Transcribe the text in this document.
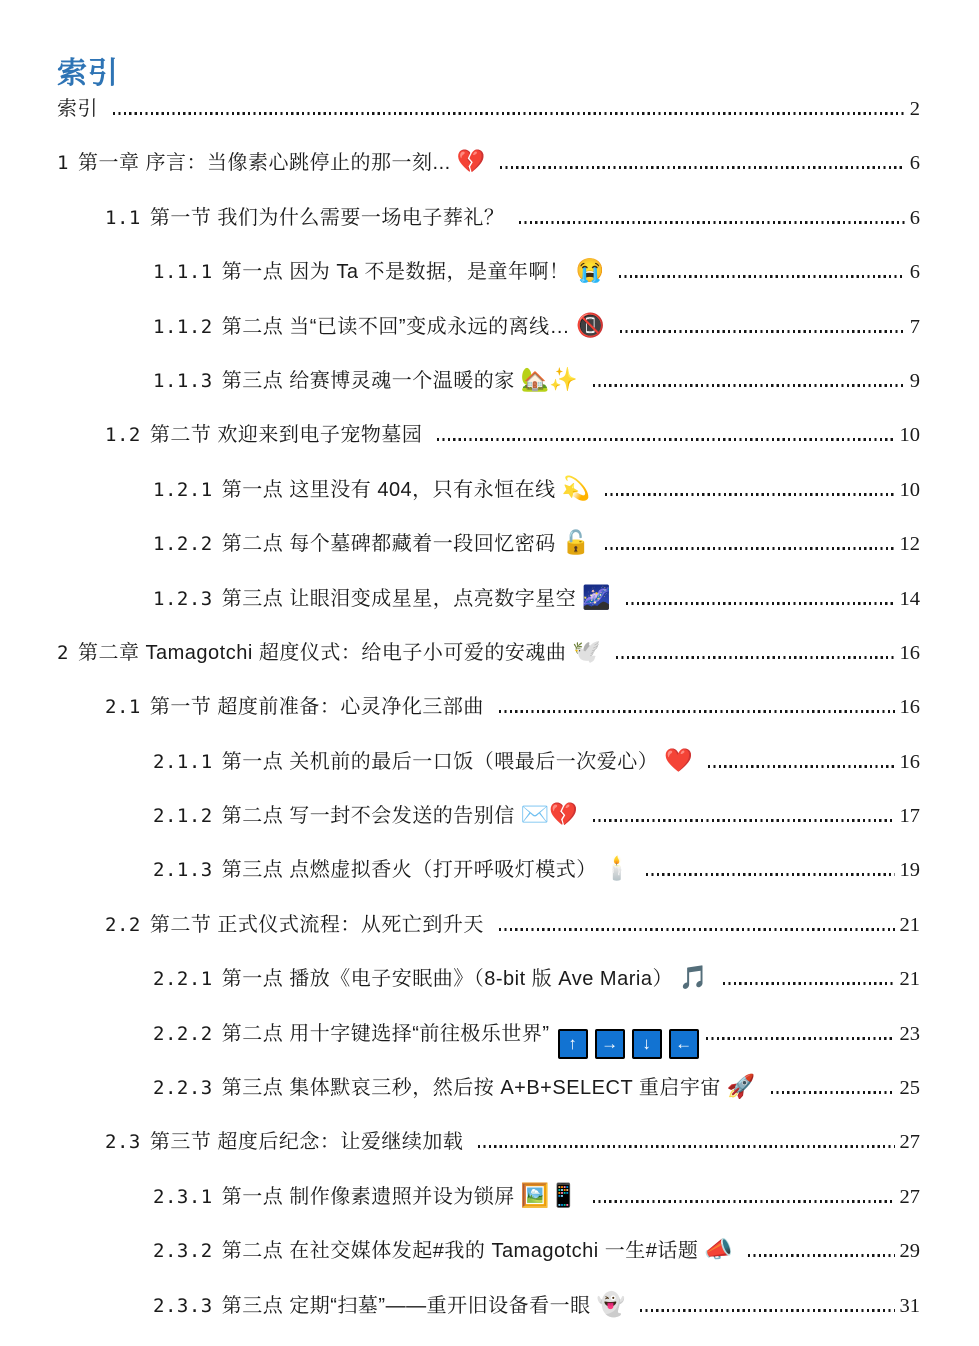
索引
索引	2
1 第一章 序言：当像素心跳停止的那一刻... 💔	6
1.1 第一节 我们为什么需要一场电子葬礼？	6
1.1.1 第一点 因为 Ta 不是数据，是童年啊！ 😭	6
1.1.2 第二点 当“已读不回”变成永远的离线… 📵	7
1.1.3 第三点 给赛博灵魂一个温暖的家 🏡✨	9
1.2 第二节 欢迎来到电子宠物墓园	10
1.2.1 第一点 这里没有 404，只有永恒在线 💫	10
1.2.2 第二点 每个墓碑都藏着一段回忆密码 🔓	12
1.2.3 第三点 让眼泪变成星星，点亮数字星空 🌌	14
2 第二章 Tamagotchi 超度仪式：给电子小可爱的安魂曲 🕊️	16
2.1 第一节 超度前准备：心灵净化三部曲	16
2.1.1 第一点 关机前的最后一口饭（喂最后一次爱心） ❤️	16
2.1.2 第二点 写一封不会发送的告别信 ✉️💔	17
2.1.3 第三点 点燃虚拟香火（打开呼吸灯模式） 🕯️	19
2.2 第二节 正式仪式流程：从死亡到升天	21
2.2.1 第一点 播放《电子安眠曲》（8-bit 版 Ave Maria） 🎵	21
2.2.2 第二点 用十字键选择“前往极乐世界”	↑	→	↓	←	23
2.2.3 第三点 集体默哀三秒，然后按 A+B+SELECT 重启宇宙 🚀	25
2.3 第三节 超度后纪念：让爱继续加载	27
2.3.1 第一点 制作像素遗照并设为锁屏 🖼️📱	27
2.3.2 第二点 在社交媒体发起#我的 Tamagotchi 一生#话题 📣	29
2.3.3 第三点 定期“扫墓”——重开旧设备看一眼 👻	31
